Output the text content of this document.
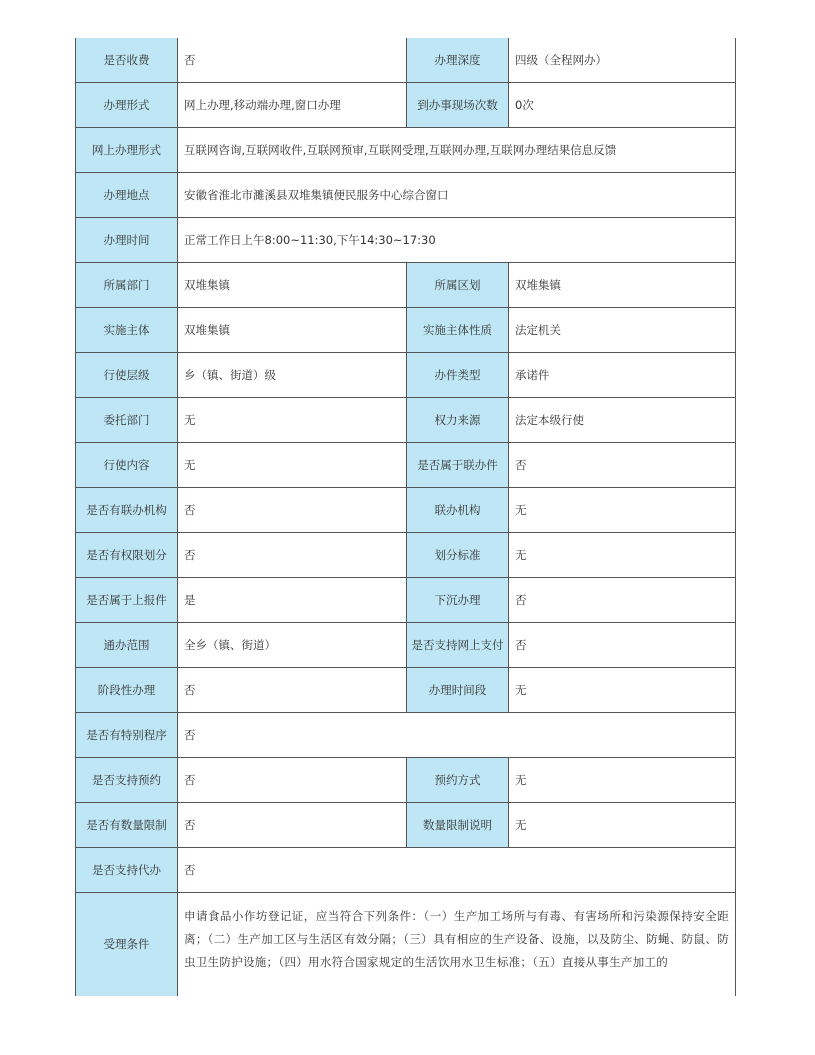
是否收费	否	办理深度	四级（全程网办）
办理形式	网上办理,移动端办理,窗口办理	到办事现场次数	0次
网上办理形式	互联网咨询,互联网收件,互联网预审,互联网受理,互联网办理,互联网办理结果信息反馈		
办理地点	安徽省淮北市濉溪县双堆集镇便民服务中心综合窗口		
办理时间	正常工作日上午8:00~11:30,下午14:30~17:30		
所属部门	双堆集镇	所属区划	双堆集镇
实施主体	双堆集镇	实施主体性质	法定机关
行使层级	乡（镇、街道）级	办件类型	承诺件
委托部门	无	权力来源	法定本级行使
行使内容	无	是否属于联办件	否
是否有联办机构	否	联办机构	无
是否有权限划分	否	划分标准	无
是否属于上报件	是	下沉办理	否
通办范围	全乡（镇、街道）	是否支持网上支付	否
阶段性办理	否	办理时间段	无
是否有特别程序	否		
是否支持预约	否	预约方式	无
是否有数量限制	否	数量限制说明	无
是否支持代办	否		
受理条件	申请食品小作坊登记证，应当符合下列条件：（一）生产加工场所与有毒、有害场所和污染源保持安全距离；（二）生产加工区与生活区有效分隔；（三）具有相应的生产设备、设施，以及防尘、防蝇、防鼠、防虫卫生防护设施；（四）用水符合国家规定的生活饮用水卫生标准；（五）直接从事生产加工的		
